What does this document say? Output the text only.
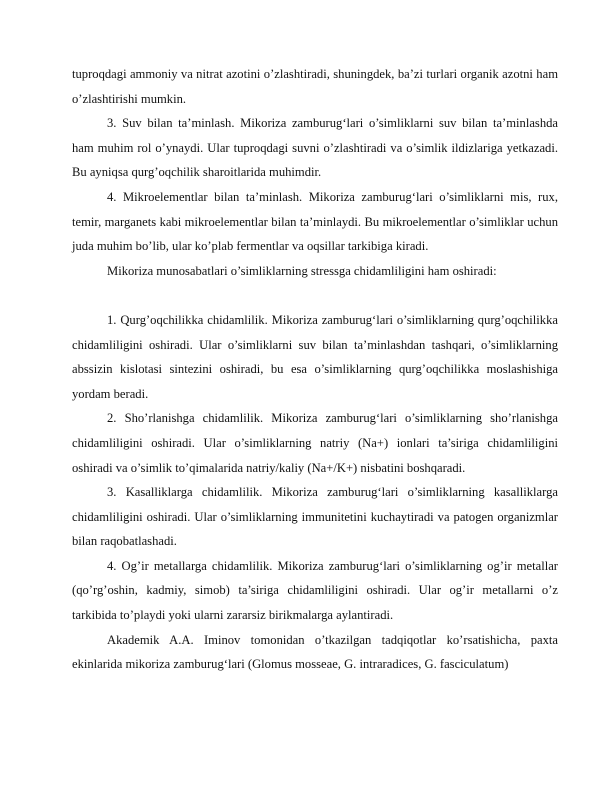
tuproqdagi ammoniy va nitrat azotini o’zlashtiradi, shuningdek, ba’zi turlari organik azotni ham o’zlashtirishi mumkin.

3. Suv bilan ta’minlash. Mikoriza zamburug‘lari o’simliklarni suv bilan ta’minlashda ham muhim rol o’ynaydi. Ular tuproqdagi suvni o’zlashtiradi va o’simlik ildizlariga yetkazadi. Bu ayniqsa qurg’oqchilik sharoitlarida muhimdir.

4. Mikroelementlar bilan ta’minlash. Mikoriza zamburug‘lari o’simliklarni mis, rux, temir, marganets kabi mikroelementlar bilan ta’minlaydi. Bu mikroelementlar o’simliklar uchun juda muhim bo’lib, ular ko’plab fermentlar va oqsillar tarkibiga kiradi.

Mikoriza munosabatlari o’simliklarning stressga chidamliligini ham oshiradi:

1. Qurg’oqchilikka chidamlilik. Mikoriza zamburug‘lari o’simliklarning qurg’oqchilikka chidamliligini oshiradi. Ular o’simliklarni suv bilan ta’minlashdan tashqari, o’simliklarning abssizin kislotasi sintezini oshiradi, bu esa o’simliklarning qurg’oqchilikka moslashishiga yordam beradi.

2. Sho’rlanishga chidamlilik. Mikoriza zamburug‘lari o’simliklarning sho’rlanishga chidamliligini oshiradi. Ular o’simliklarning natriy (Na+) ionlari ta’siriga chidamliligini oshiradi va o’simlik to’qimalarida natriy/kaliy (Na+/K+) nisbatini boshqaradi.

3. Kasalliklarga chidamlilik. Mikoriza zamburug‘lari o’simliklarning kasalliklarga chidamliligini oshiradi. Ular o’simliklarning immunitetini kuchaytiradi va patogen organizmlar bilan raqobatlashadi.

4. Og’ir metallarga chidamlilik. Mikoriza zamburug‘lari o’simliklarning og’ir metallar (qo’rg’oshin, kadmiy, simob) ta’siriga chidamliligini oshiradi. Ular og’ir metallarni o’z tarkibida to’playdi yoki ularni zararsiz birikmalarga aylantiradi.

Akademik A.A. Iminov tomonidan o’tkazilgan tadqiqotlar ko’rsatishicha, paxta ekinlarida mikoriza zamburug‘lari (Glomus mosseae, G. intraradices, G. fasciculatum)
